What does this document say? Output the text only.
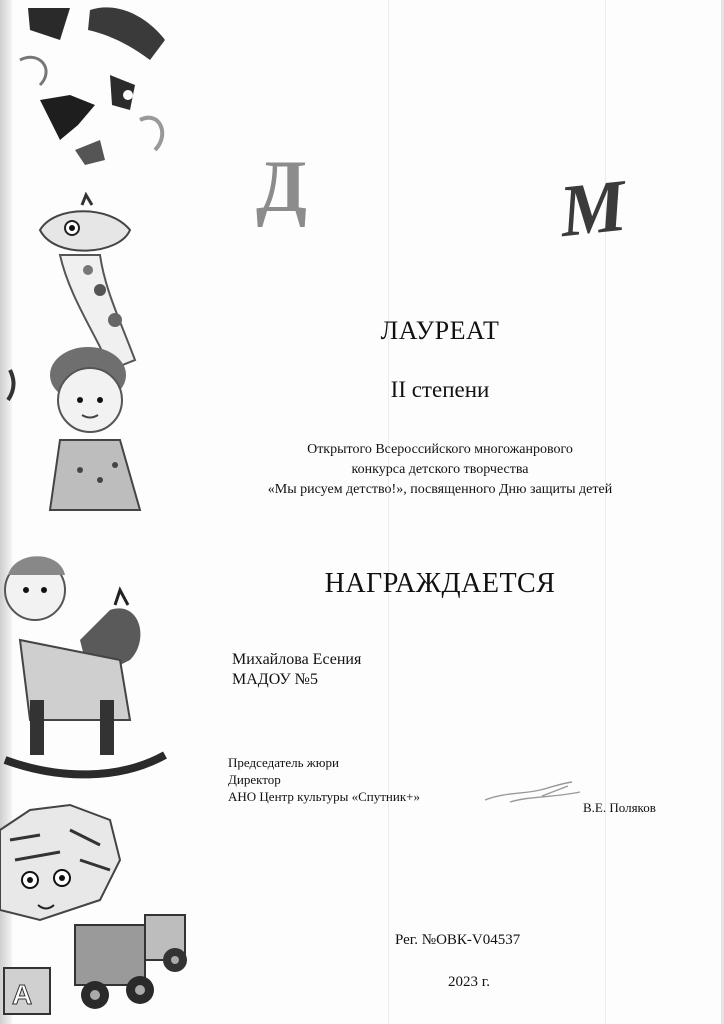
А
Д	М
ЛАУРЕАТ
II степени
Открытого Всероссийского многожанрового
конкурса детского творчества
«Мы рисуем детство!», посвященного Дню защиты детей
НАГРАЖДАЕТСЯ
Михайлова Есения
МАДОУ №5
Председатель жюри
Директор
АНО Центр культуры «Спутник+»
В.Е. Поляков
Рег. №ОВК-V04537
2023 г.
